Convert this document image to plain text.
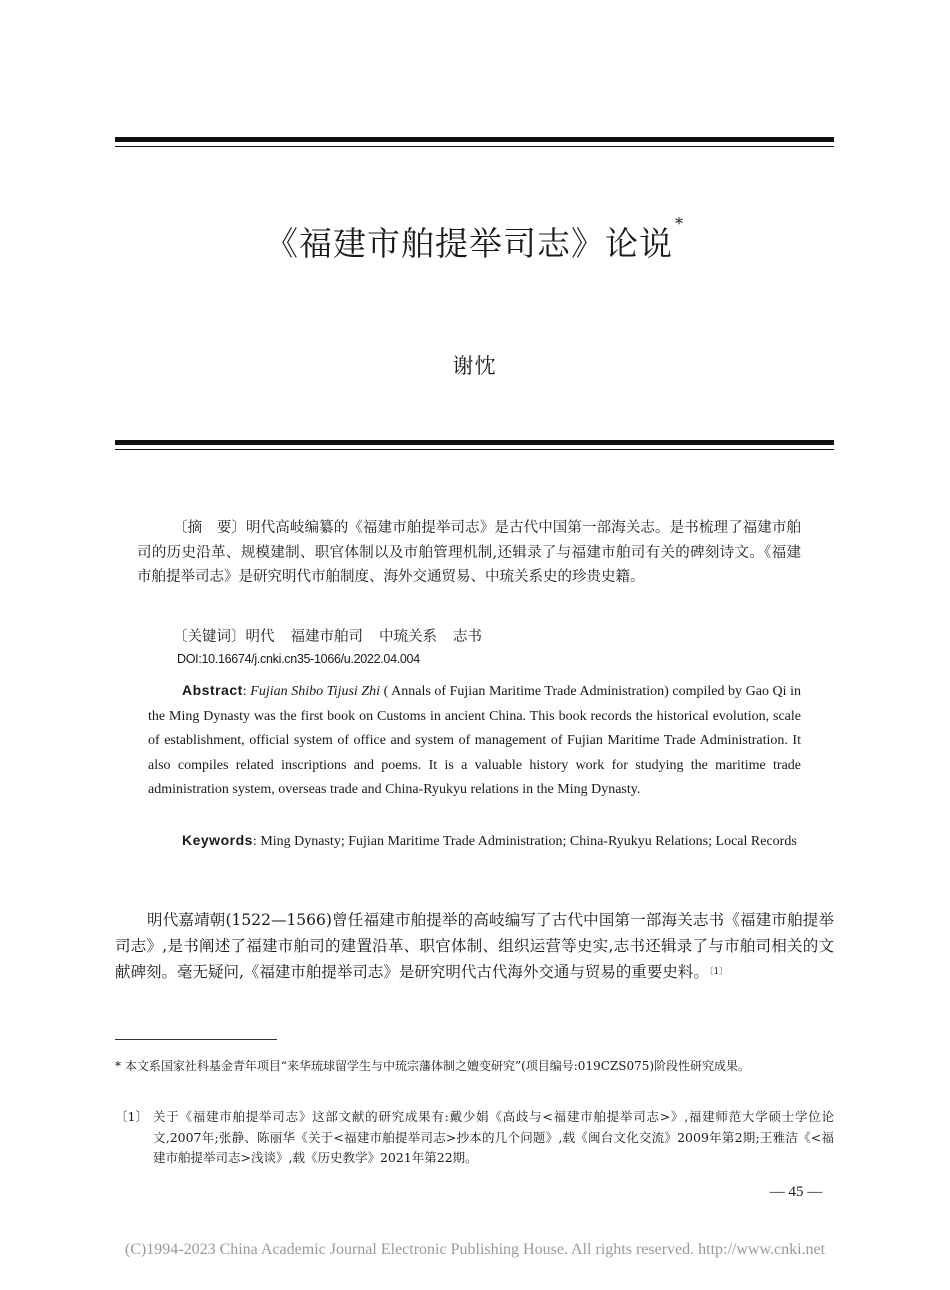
《福建市舶提举司志》论说*
谢忱

〔摘　要〕明代高岐编纂的《福建市舶提举司志》是古代中国第一部海关志。是书梳理了福建市舶司的历史沿革、规模建制、职官体制以及市舶管理机制,还辑录了与福建市舶司有关的碑刻诗文。《福建市舶提举司志》是研究明代市舶制度、海外交通贸易、中琉关系史的珍贵史籍。

〔关键词〕明代 福建市舶司 中琉关系 志书
DOI:10.16674/j.cnki.cn35-1066/u.2022.04.004

Abstract: Fujian Shibo Tijusi Zhi ( Annals of Fujian Maritime Trade Administration) compiled by Gao Qi in the Ming Dynasty was the first book on Customs in ancient China. This book records the historical evolution, scale of establishment, official system of office and system of management of Fujian Maritime Trade Administration. It also compiles related inscriptions and poems. It is a valuable history work for studying the maritime trade administration system, overseas trade and China-Ryukyu relations in the Ming Dynasty.

Keywords: Ming Dynasty; Fujian Maritime Trade Administration; China-Ryukyu Relations; Local Records

明代嘉靖朝(1522—1566)曾任福建市舶提举的高岐编写了古代中国第一部海关志书《福建市舶提举司志》,是书阐述了福建市舶司的建置沿革、职官体制、组织运营等史实,志书还辑录了与市舶司相关的文献碑刻。毫无疑问,《福建市舶提举司志》是研究明代古代海外交通与贸易的重要史料。$^{〔1〕}$

* 本文系国家社科基金青年项目“来华琉球留学生与中琉宗藩体制之嬗变研究”(项目编号:019CZS075)阶段性研究成果。
〔1〕 关于《福建市舶提举司志》这部文献的研究成果有:戴少娟《高歧与<福建市舶提举司志>》,福建师范大学硕士学位论文,2007年;张静、陈丽华《关于<福建市舶提举司志>抄本的几个问题》,载《闽台文化交流》2009年第2期;王雅洁《<福建市舶提举司志>浅谈》,载《历史教学》2021年第22期。
— 45 —
(C)1994-2023 China Academic Journal Electronic Publishing House. All rights reserved. http://www.cnki.net
